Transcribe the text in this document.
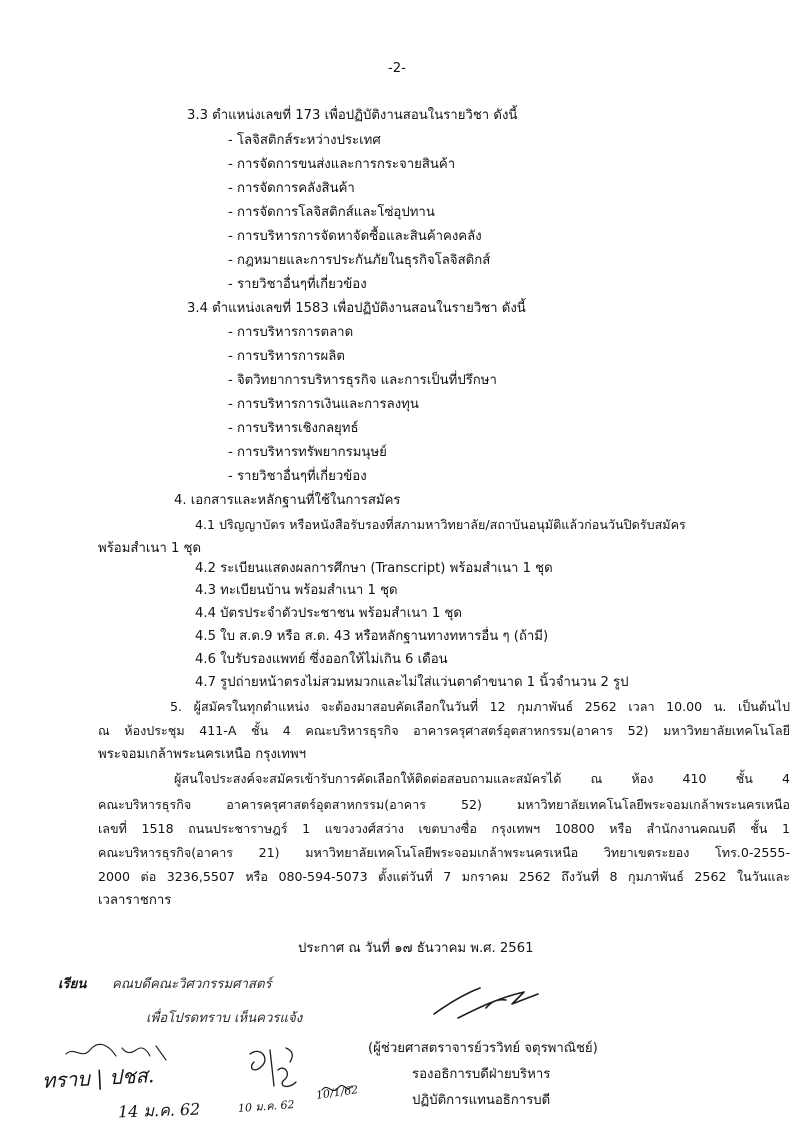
-2-
3.3 ตำแหน่งเลขที่ 173 เพื่อปฏิบัติงานสอนในรายวิชา ดังนี้
- โลจิสติกส์ระหว่างประเทศ
- การจัดการขนส่งและการกระจายสินค้า
- การจัดการคลังสินค้า
- การจัดการโลจิสติกส์และโซ่อุปทาน
- การบริหารการจัดหาจัดซื้อและสินค้าคงคลัง
- กฎหมายและการประกันภัยในธุรกิจโลจิสติกส์
- รายวิชาอื่นๆที่เกี่ยวข้อง
3.4 ตำแหน่งเลขที่ 1583 เพื่อปฏิบัติงานสอนในรายวิชา ดังนี้
- การบริหารการตลาด
- การบริหารการผลิต
- จิตวิทยาการบริหารธุรกิจ และการเป็นที่ปรึกษา
- การบริหารการเงินและการลงทุน
- การบริหารเชิงกลยุทธ์
- การบริหารทรัพยากรมนุษย์
- รายวิชาอื่นๆที่เกี่ยวข้อง
4. เอกสารและหลักฐานที่ใช้ในการสมัคร
4.1 ปริญญาบัตร หรือหนังสือรับรองที่สภามหาวิทยาลัย/สถาบันอนุมัติแล้วก่อนวันปิดรับสมัคร
พร้อมสำเนา 1 ชุด
4.2 ระเบียนแสดงผลการศึกษา (Transcript) พร้อมสำเนา 1 ชุด
4.3 ทะเบียนบ้าน พร้อมสำเนา 1 ชุด
4.4 บัตรประจำตัวประชาชน พร้อมสำเนา 1 ชุด
4.5 ใบ ส.ด.9 หรือ ส.ด. 43 หรือหลักฐานทางทหารอื่น ๆ (ถ้ามี)
4.6 ใบรับรองแพทย์ ซึ่งออกให้ไม่เกิน 6 เดือน
4.7 รูปถ่ายหน้าตรงไม่สวมหมวกและไม่ใส่แว่นตาดำขนาด 1 นิ้วจำนวน 2 รูป
5. ผู้สมัครในทุกตำแหน่ง จะต้องมาสอบคัดเลือกในวันที่ 12 กุมภาพันธ์ 2562 เวลา 10.00 น. เป็นต้นไป
ณ ห้องประชุม 411-A ชั้น 4 คณะบริหารธุรกิจ อาคารครุศาสตร์อุตสาหกรรม(อาคาร 52) มหาวิทยาลัยเทคโนโลยี
พระจอมเกล้าพระนครเหนือ กรุงเทพฯ
ผู้สนใจประสงค์จะสมัครเข้ารับการคัดเลือกให้ติดต่อสอบถามและสมัครได้ ณ ห้อง 410 ชั้น 4
คณะบริหารธุรกิจ อาคารครุศาสตร์อุตสาหกรรม(อาคาร 52) มหาวิทยาลัยเทคโนโลยีพระจอมเกล้าพระนครเหนือ
เลขที่ 1518 ถนนประชาราษฎร์ 1 แขวงวงศ์สว่าง เขตบางซื่อ กรุงเทพฯ 10800 หรือ สำนักงานคณบดี ชั้น 1
คณะบริหารธุรกิจ(อาคาร 21) มหาวิทยาลัยเทคโนโลยีพระจอมเกล้าพระนครเหนือ วิทยาเขตระยอง โทร.0-2555-
2000 ต่อ 3236,5507 หรือ 080-594-5073 ตั้งแต่วันที่ 7 มกราคม 2562 ถึงวันที่ 8 กุมภาพันธ์ 2562 ในวันและ
เวลาราชการ
ประกาศ ณ วันที่ ๑๗ ธันวาคม พ.ศ. 2561
เรียน คณบดีคณะวิศวกรรมศาสตร์
เพื่อโปรดทราบ เห็นควรแจ้ง
ทราบ | ปชส.
14 ม.ค. 62	10 ม.ค. 62
10/1/62
(ผู้ช่วยศาสตราจารย์วรวิทย์ จตุรพาณิชย์)
รองอธิการบดีฝ่ายบริหาร
ปฏิบัติการแทนอธิการบดี
